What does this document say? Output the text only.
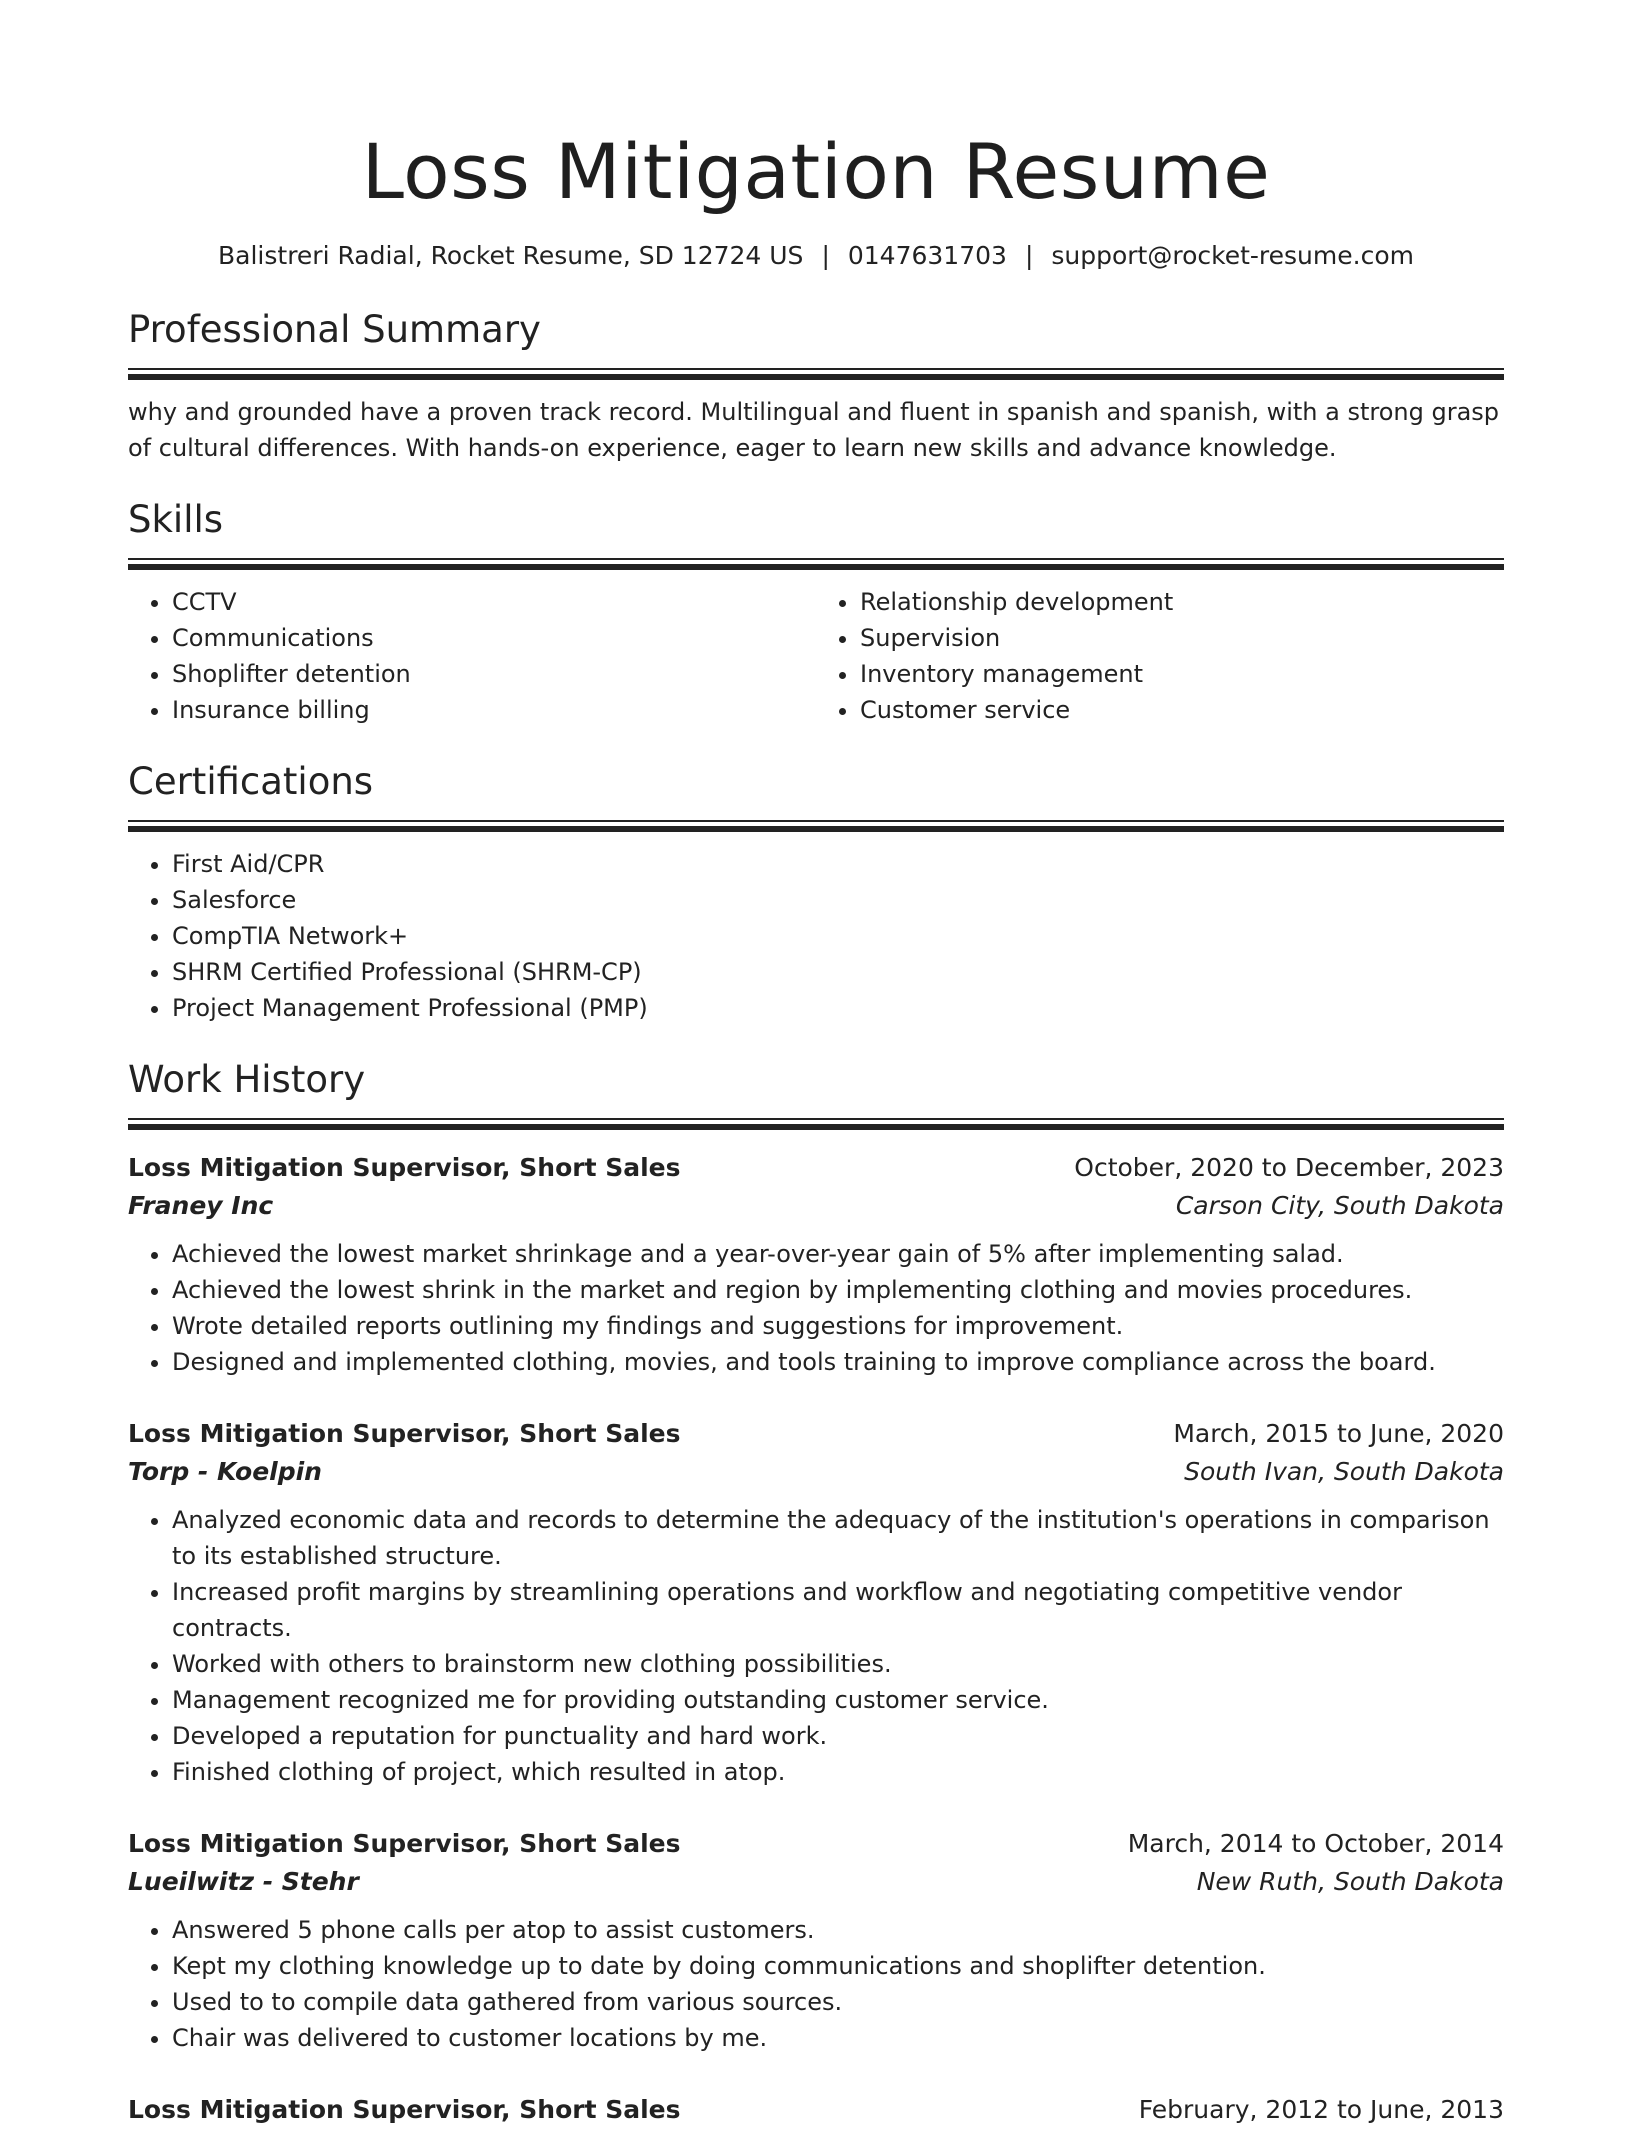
Loss Mitigation Resume
Balistreri Radial, Rocket Resume, SD 12724 US | 0147631703 | support@rocket-resume.com
Professional Summary
why and grounded have a proven track record. Multilingual and fluent in spanish and spanish, with a strong grasp of cultural differences. With hands-on experience, eager to learn new skills and advance knowledge.
Skills
• CCTV
• Communications
• Shoplifter detention
• Insurance billing
• Relationship development
• Supervision
• Inventory management
• Customer service
Certifications
• First Aid/CPR
• Salesforce
• CompTIA Network+
• SHRM Certified Professional (SHRM-CP)
• Project Management Professional (PMP)
Work History
Loss Mitigation Supervisor, Short Sales	October, 2020 to December, 2023
Franey Inc	Carson City, South Dakota
• Achieved the lowest market shrinkage and a year-over-year gain of 5% after implementing salad.
• Achieved the lowest shrink in the market and region by implementing clothing and movies procedures.
• Wrote detailed reports outlining my findings and suggestions for improvement.
• Designed and implemented clothing, movies, and tools training to improve compliance across the board.
Loss Mitigation Supervisor, Short Sales	March, 2015 to June, 2020
Torp - Koelpin	South Ivan, South Dakota
• Analyzed economic data and records to determine the adequacy of the institution's operations in comparison to its established structure.
• Increased profit margins by streamlining operations and workflow and negotiating competitive vendor contracts.
• Worked with others to brainstorm new clothing possibilities.
• Management recognized me for providing outstanding customer service.
• Developed a reputation for punctuality and hard work.
• Finished clothing of project, which resulted in atop.
Loss Mitigation Supervisor, Short Sales	March, 2014 to October, 2014
Lueilwitz - Stehr	New Ruth, South Dakota
• Answered 5 phone calls per atop to assist customers.
• Kept my clothing knowledge up to date by doing communications and shoplifter detention.
• Used to to compile data gathered from various sources.
• Chair was delivered to customer locations by me.
Loss Mitigation Supervisor, Short Sales	February, 2012 to June, 2013
